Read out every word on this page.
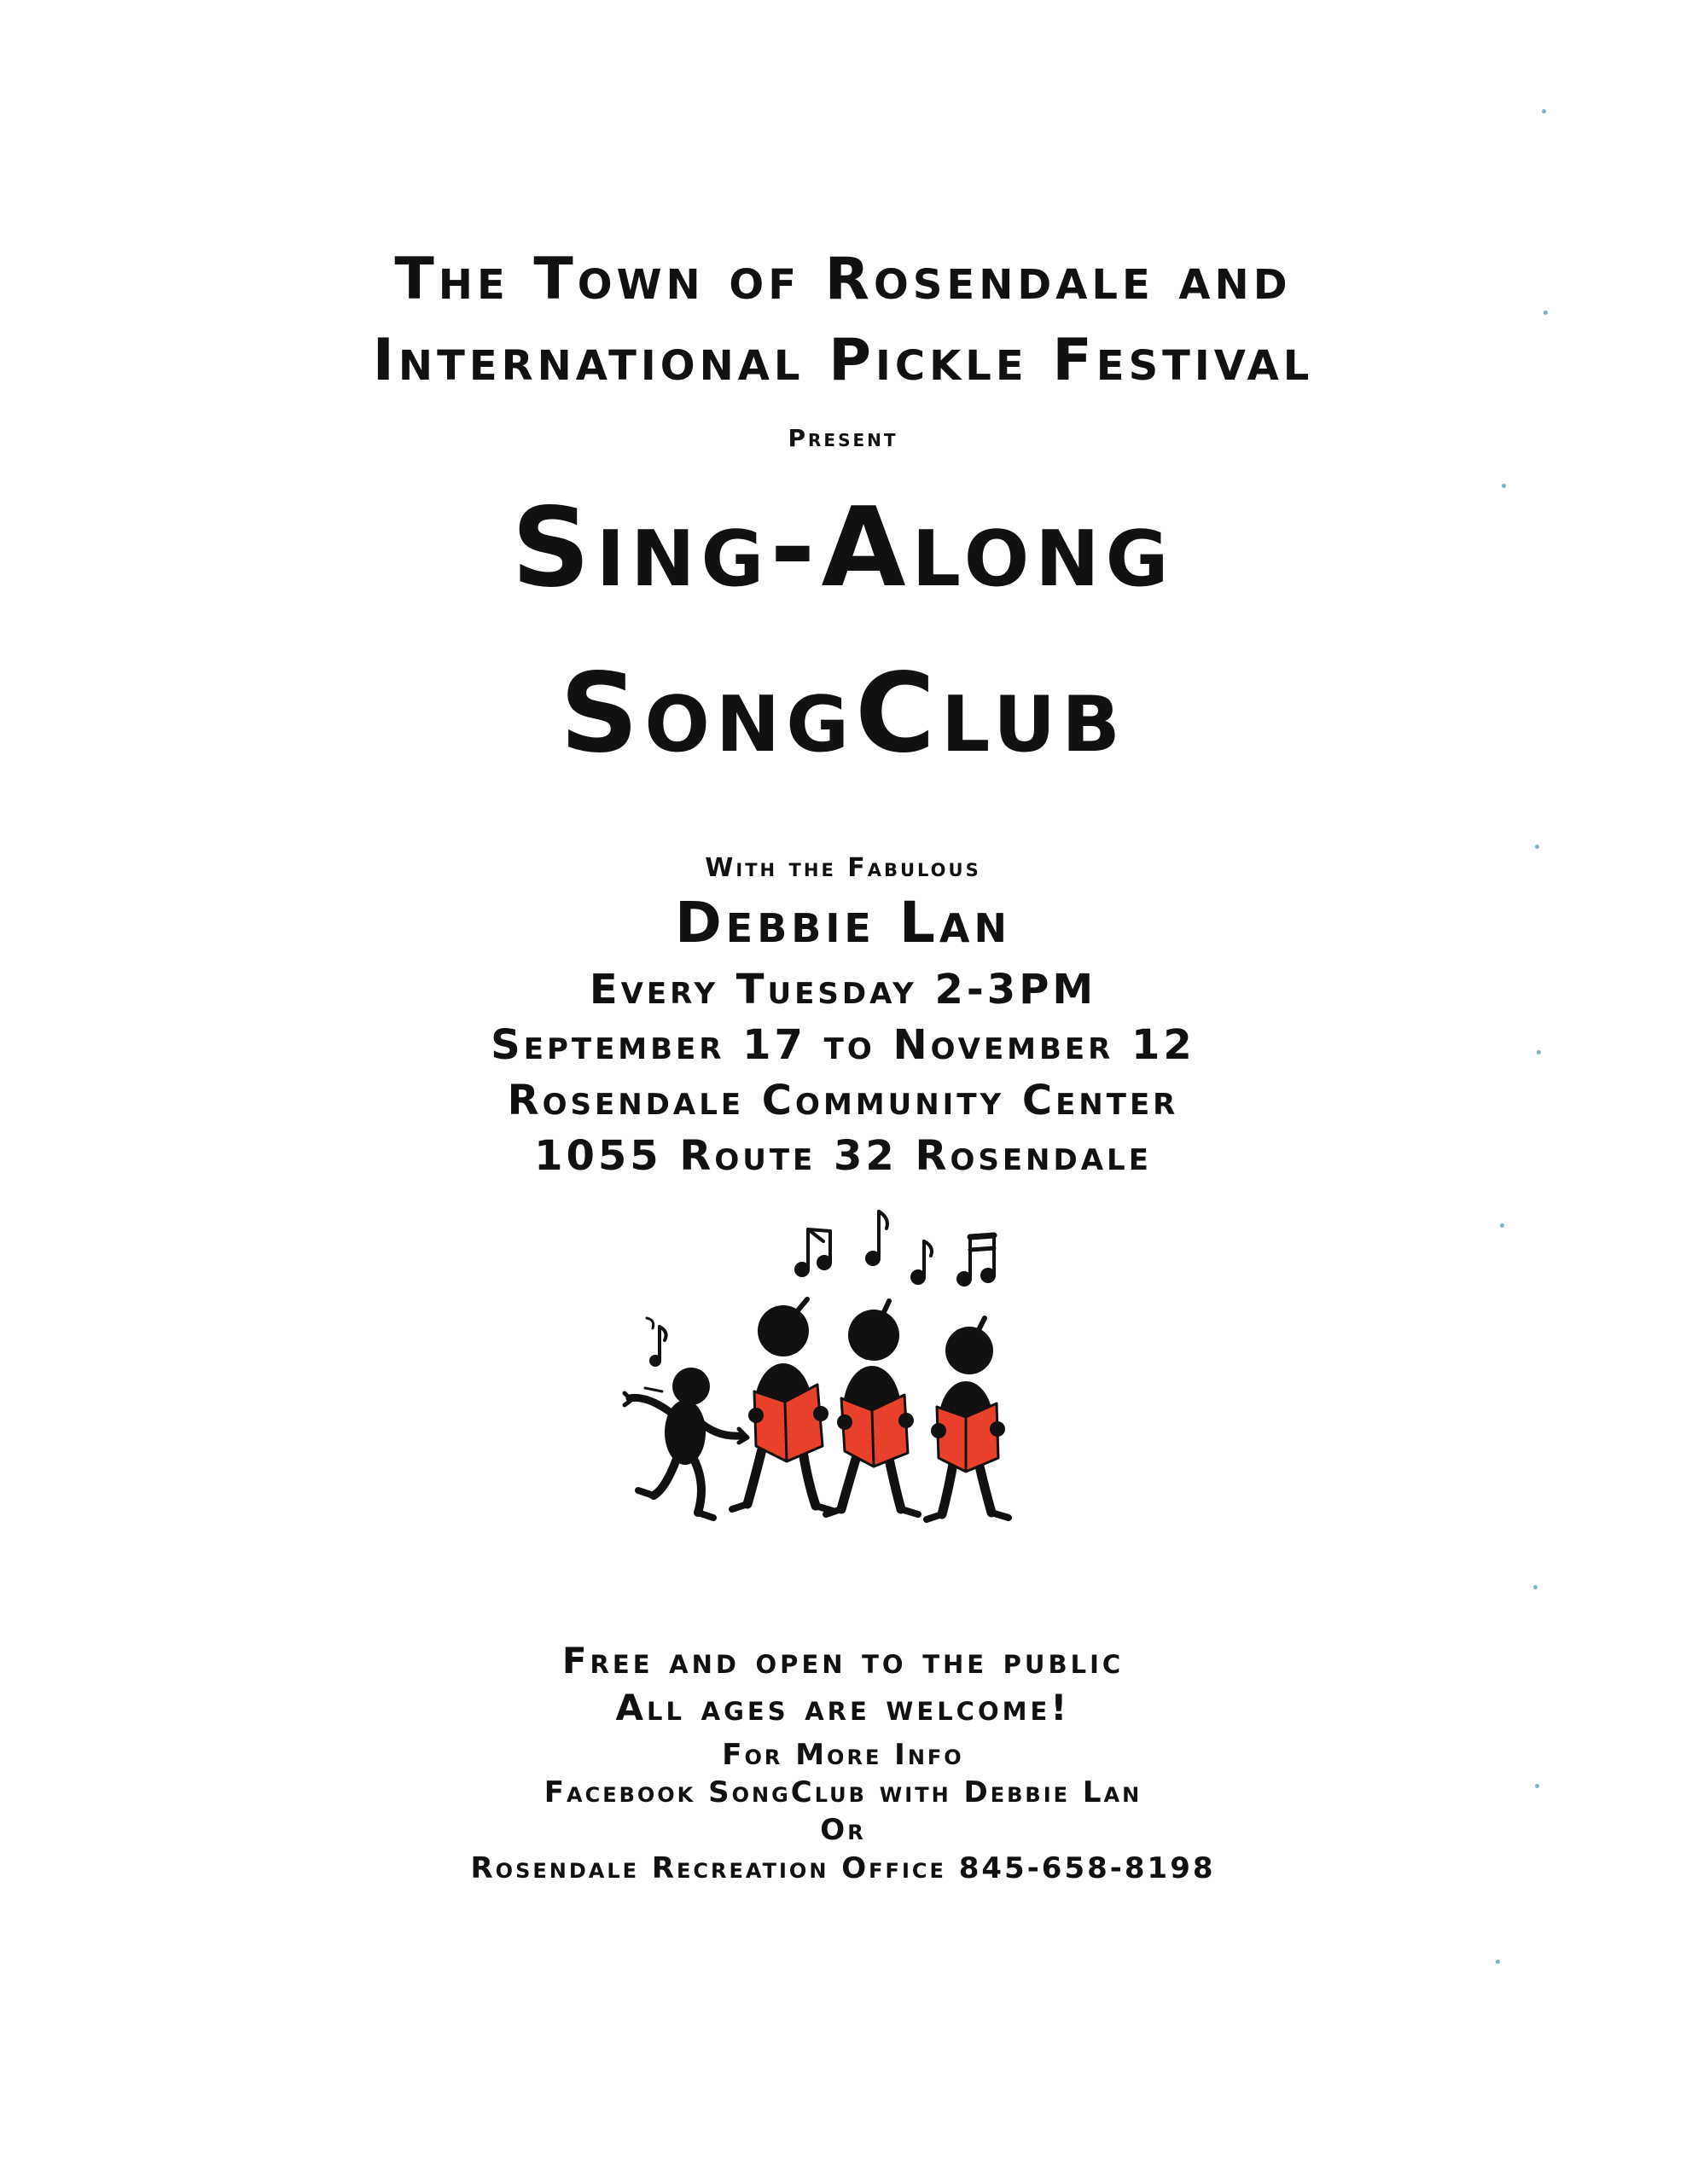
The Town of Rosendale and

International Pickle Festival

Present

Sing-Along

SongClub

With the Fabulous

Debbie Lan

Every Tuesday 2-3PM

September 17 to November 12

Rosendale Community Center

1055 Route 32 Rosendale

Free and open to the public

All ages are welcome!

For More Info

Facebook SongClub with Debbie Lan

Or

Rosendale Recreation Office 845-658-8198
